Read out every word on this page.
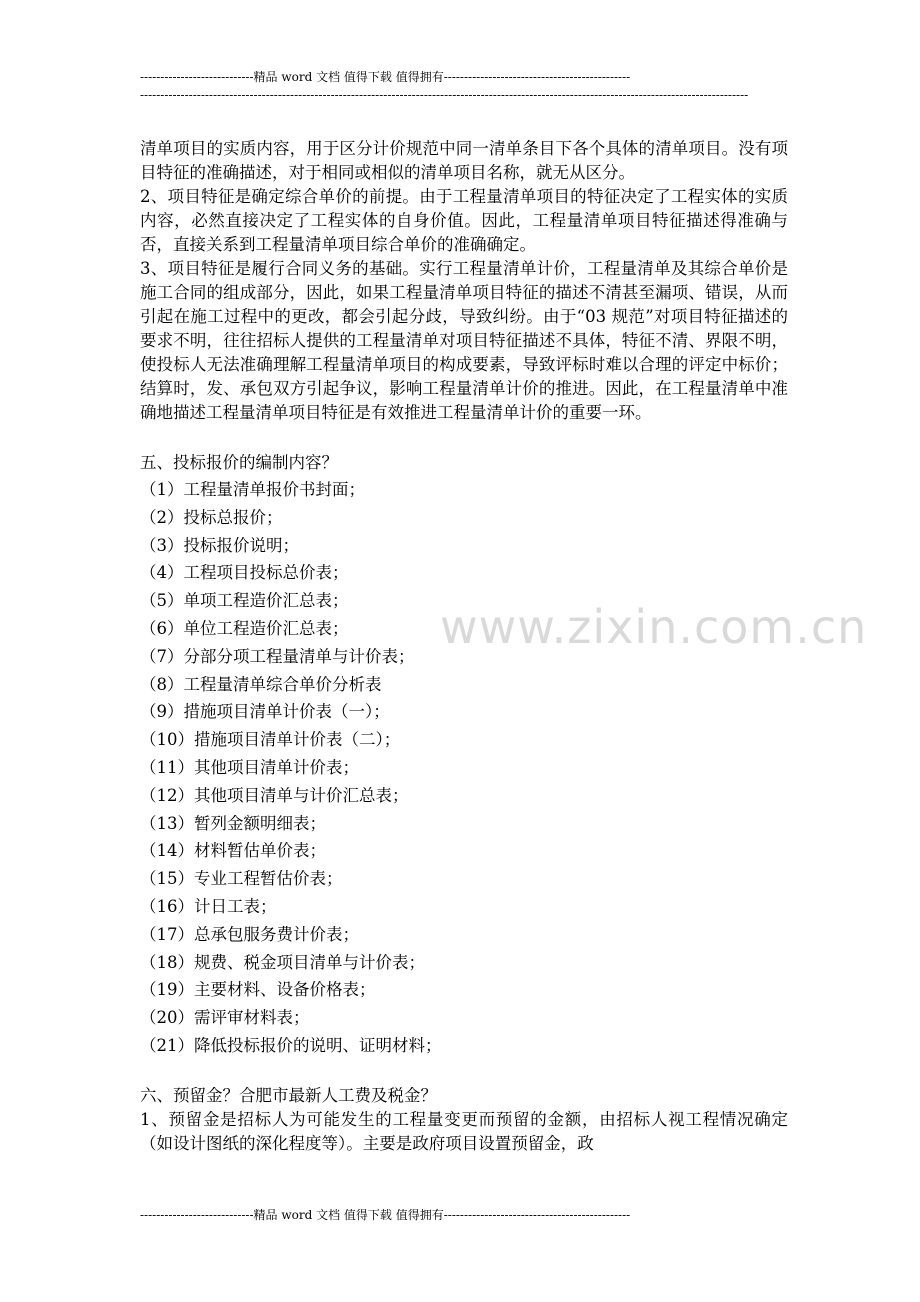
----------------------------精品 word 文档 值得下载 值得拥有----------------------------------------------
------------------------------------------------------------------------------------------------------------------------------------------------------
www.zixin.com.cn

清单项目的实质内容，用于区分计价规范中同一清单条目下各个具体的清单项目。没有项目特征的准确描述，对于相同或相似的清单项目名称，就无从区分。

2、项目特征是确定综合单价的前提。由于工程量清单项目的特征决定了工程实体的实质内容，必然直接决定了工程实体的自身价值。因此，工程量清单项目特征描述得准确与否，直接关系到工程量清单项目综合单价的准确确定。

3、项目特征是履行合同义务的基础。实行工程量清单计价，工程量清单及其综合单价是施工合同的组成部分，因此，如果工程量清单项目特征的描述不清甚至漏项、错误，从而引起在施工过程中的更改，都会引起分歧，导致纠纷。由于“03 规范”对项目特征描述的要求不明，往往招标人提供的工程量清单对项目特征描述不具体，特征不清、界限不明，使投标人无法准确理解工程量清单项目的构成要素，导致评标时难以合理的评定中标价；结算时，发、承包双方引起争议，影响工程量清单计价的推进。因此，在工程量清单中准确地描述工程量清单项目特征是有效推进工程量清单计价的重要一环。

五、投标报价的编制内容？

（1）工程量清单报价书封面；
（2）投标总报价；
（3）投标报价说明；
（4）工程项目投标总价表；
（5）单项工程造价汇总表；
（6）单位工程造价汇总表；
（7）分部分项工程量清单与计价表；
（8）工程量清单综合单价分析表
（9）措施项目清单计价表（一）；
（10）措施项目清单计价表（二）；
（11）其他项目清单计价表；
（12）其他项目清单与计价汇总表；
（13）暂列金额明细表；
（14）材料暂估单价表；
（15）专业工程暂估价表；
（16）计日工表；
（17）总承包服务费计价表；
（18）规费、税金项目清单与计价表；
（19）主要材料、设备价格表；
（20）需评审材料表；
（21）降低投标报价的说明、证明材料；

六、预留金？合肥市最新人工费及税金？

1、预留金是招标人为可能发生的工程量变更而预留的金额，由招标人视工程情况确定（如设计图纸的深化程度等）。主要是政府项目设置预留金，政

----------------------------精品 word 文档 值得下载 值得拥有----------------------------------------------
